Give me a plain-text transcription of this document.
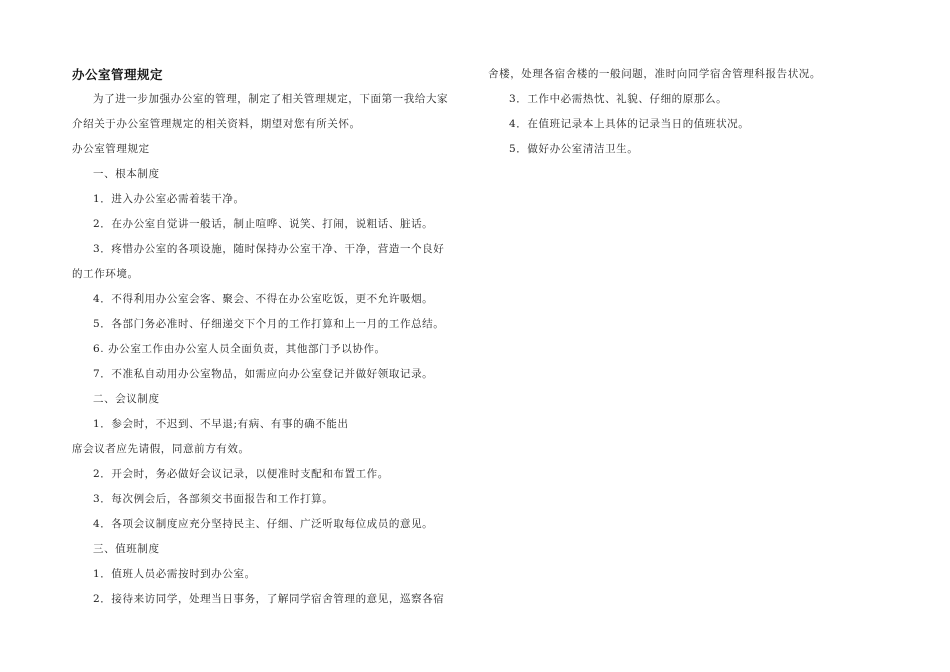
办公室管理规定
为了进一步加强办公室的管理，制定了相关管理规定，下面第一我给大家
介绍关于办公室管理规定的相关资料，期望对您有所关怀。
办公室管理规定
一、根本制度
1．进入办公室必需着装干净。
2．在办公室自觉讲一般话，制止喧哗、说笑、打闹，说粗话、脏话。
3．疼惜办公室的各项设施，随时保持办公室干净、干净，营造一个良好
的工作环境。
4．不得利用办公室会客、聚会、不得在办公室吃饭，更不允许吸烟。
5．各部门务必准时、仔细递交下个月的工作打算和上一月的工作总结。
6. 办公室工作由办公室人员全面负责，其他部门予以协作。
7．不准私自动用办公室物品，如需应向办公室登记并做好领取记录。
二、会议制度
1．参会时，不迟到、不早退;有病、有事的确不能出
席会议者应先请假，同意前方有效。
2．开会时，务必做好会议记录，以便准时支配和布置工作。
3．每次例会后，各部须交书面报告和工作打算。
4．各项会议制度应充分坚持民主、仔细、广泛听取每位成员的意见。
三、值班制度
1．值班人员必需按时到办公室。
2．接待来访同学，处理当日事务，了解同学宿舍管理的意见，巡察各宿
舍楼，处理各宿舍楼的一般问题，准时向同学宿舍管理科报告状况。
3．工作中必需热忱、礼貌、仔细的原那么。
4．在值班记录本上具体的记录当日的值班状况。
5．做好办公室清洁卫生。
